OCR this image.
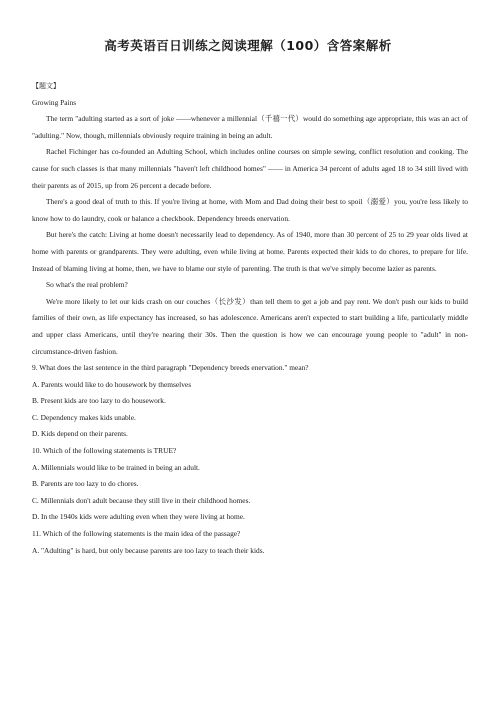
高考英语百日训练之阅读理解（100）含答案解析

【题文】

Growing Pains

The term "adulting started as a sort of joke ——whenever a millennial（千禧一代）would do something age appropriate, this was an act of "adulting." Now, though, millennials obviously require training in being an adult.

Rachel Fichinger has co-founded an Adulting School, which includes online courses on simple sewing, conflict resolution and cooking. The cause for such classes is that many millennials "haven't left childhood homes" —— in America 34 percent of adults aged 18 to 34 still lived with their parents as of 2015, up from 26 percent a decade before.

There's a good deal of truth to this. If you're living at home, with Mom and Dad doing their best to spoil（溺爱）you, you're less likely to know how to do laundry, cook or balance a checkbook. Dependency breeds enervation.

But here's the catch: Living at home doesn't necessarily lead to dependency. As of 1940, more than 30 percent of 25 to 29 year olds lived at home with parents or grandparents. They were adulting, even while living at home. Parents expected their kids to do chores, to prepare for life. Instead of blaming living at home, then, we have to blame our style of parenting. The truth is that we've simply become lazier as parents.

So what's the real problem?

We're more likely to let our kids crash on our couches（长沙发）than tell them to get a job and pay rent. We don't push our kids to build families of their own, as life expectancy has increased, so has adolescence. Americans aren't expected to start building a life, particularly middle and upper class Americans, until they're nearing their 30s. Then the question is how we can encourage young people to "adult" in non-circumstance-driven fashion.

9. What does the last sentence in the third paragraph "Dependency breeds enervation." mean?

A. Parents would like to do housework by themselves

B. Present kids are too lazy to do housework.

C. Dependency makes kids unable.

D. Kids depend on their parents.

10. Which of the following statements is TRUE?

A. Millennials would like to be trained in being an adult.

B. Parents are too lazy to do chores.

C. Millennials don't adult because they still live in their childhood homes.

D. In the 1940s kids were adulting even when they were living at home.

11. Which of the following statements is the main idea of the passage?

A. "Adulting" is hard, but only because parents are too lazy to teach their kids.
